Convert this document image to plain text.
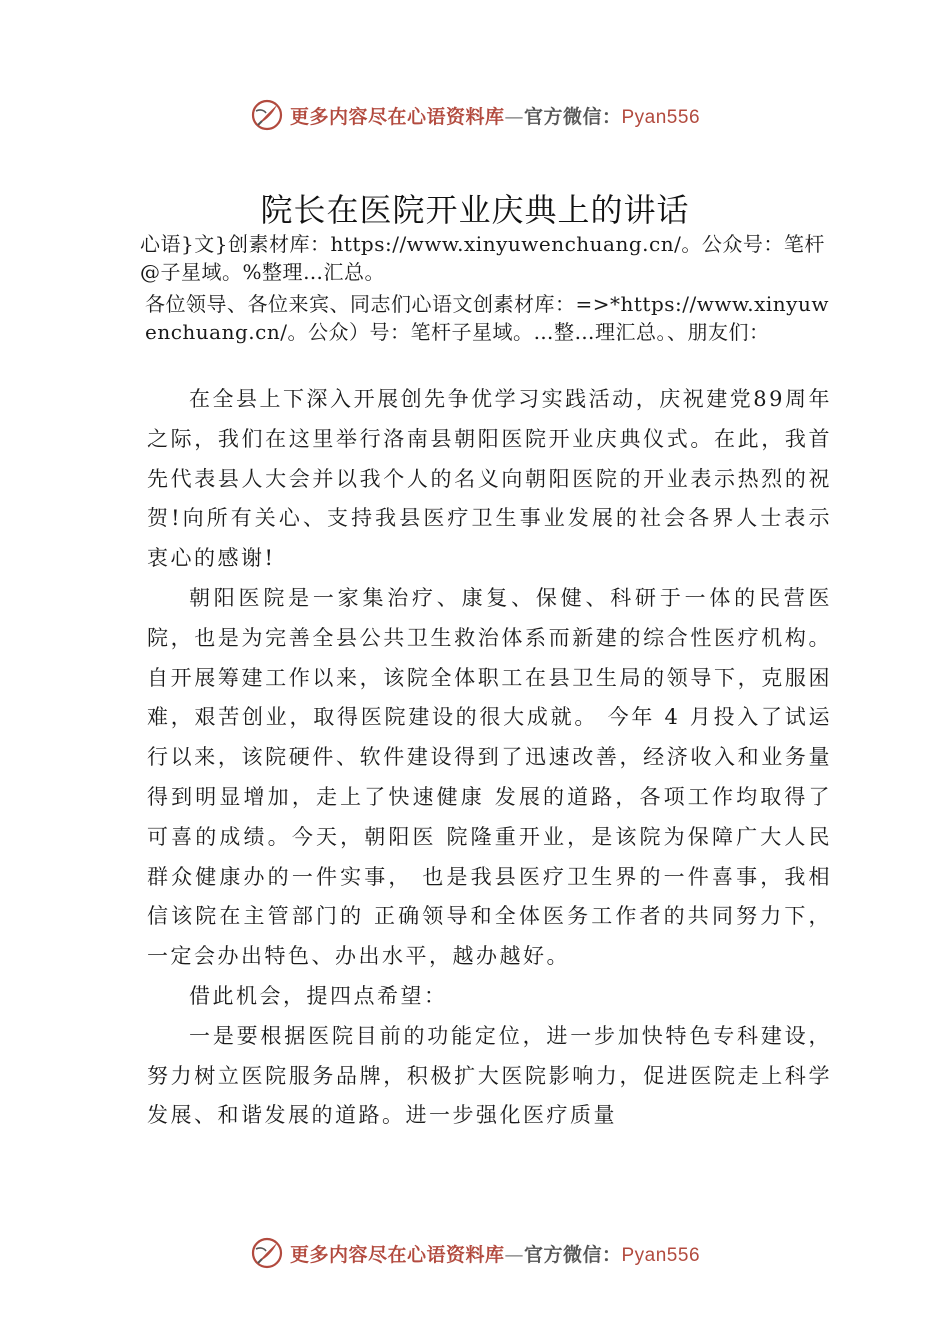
更多内容尽在心语资料库—官方微信：Pyan556
院长在医院开业庆典上的讲话

心语}文}创素材库：https://www.xinyuwenchuang.cn/。公众号：笔杆@子星域。%整理…汇总。

各位领导、各位来宾、同志们心语文创素材库：=>*https://www.xinyuwenchuang.cn/。公众）号：笔杆子星域。…整…理汇总。、朋友们：

在全县上下深入开展创先争优学习实践活动，庆祝建党89周年之际，我们在这里举行洛南县朝阳医院开业庆典仪式。在此，我首先代表县人大会并以我个人的名义向朝阳医院的开业表示热烈的祝贺!向所有关心、支持我县医疗卫生事业发展的社会各界人士表示衷心的感谢!

朝阳医院是一家集治疗、康复、保健、科研于一体的民营医院，也是为完善全县公共卫生救治体系而新建的综合性医疗机构。自开展筹建工作以来，该院全体职工在县卫生局的领导下，克服困难，艰苦创业，取得医院建设的很大成就。 今年 4 月投入了试运行以来，该院硬件、软件建设得到了迅速改善，经济收入和业务量得到明显增加，走上了快速健康 发展的道路，各项工作均取得了可喜的成绩。今天，朝阳医 院隆重开业，是该院为保障广大人民群众健康办的一件实事， 也是我县医疗卫生界的一件喜事，我相信该院在主管部门的 正确领导和全体医务工作者的共同努力下，一定会办出特色、办出水平，越办越好。

借此机会，提四点希望：

一是要根据医院目前的功能定位，进一步加快特色专科建设，努力树立医院服务品牌，积极扩大医院影响力，促进医院走上科学发展、和谐发展的道路。进一步强化医疗质量

更多内容尽在心语资料库—官方微信：Pyan556
